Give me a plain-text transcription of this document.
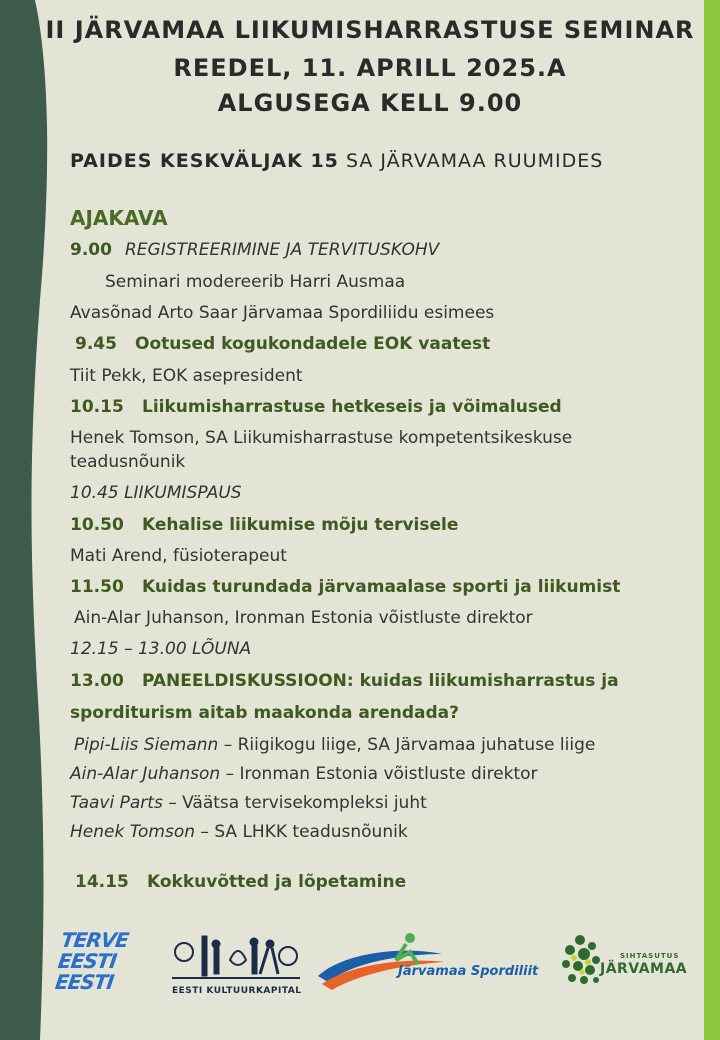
II JÄRVAMAA LIIKUMISHARRASTUSE SEMINAR
REEDEL, 11. APRILL 2025.A
ALGUSEGA KELL 9.00
PAIDES KESKVÄLJAK 15 SA JÄRVAMAA RUUMIDES
AJAKAVA
9.00 REGISTREERIMINE JA TERVITUSKOHV
Seminari modereerib Harri Ausmaa
Avasõnad Arto Saar Järvamaa Spordiliidu esimees
9.45 Ootused kogukondadele EOK vaatest
Tiit Pekk, EOK asepresident
10.15 Liikumisharrastuse hetkeseis ja võimalused
Henek Tomson, SA Liikumisharrastuse kompetentsikeskuse
teadusnõunik
10.45 LIIKUMISPAUS
10.50 Kehalise liikumise mõju tervisele
Mati Arend, füsioterapeut
11.50 Kuidas turundada järvamaalase sporti ja liikumist
Ain-Alar Juhanson, Ironman Estonia võistluste direktor
12.15 – 13.00 LÕUNA
13.00 PANEELDISKUSSIOON: kuidas liikumisharrastus ja
sporditurism aitab maakonda arendada?
Pipi-Liis Siemann – Riigikogu liige, SA Järvamaa juhatuse liige
Ain-Alar Juhanson – Ironman Estonia võistluste direktor
Taavi Parts – Väätsa tervisekompleksi juht
Henek Tomson – SA LHKK teadusnõunik
14.15 Kokkuvõtted ja lõpetamine
TERVE
EESTI
EESTI	EESTI KULTUURKAPITAL
Järvamaa Spordiliit
SIHTASUTUS
JÄRVAMAA
